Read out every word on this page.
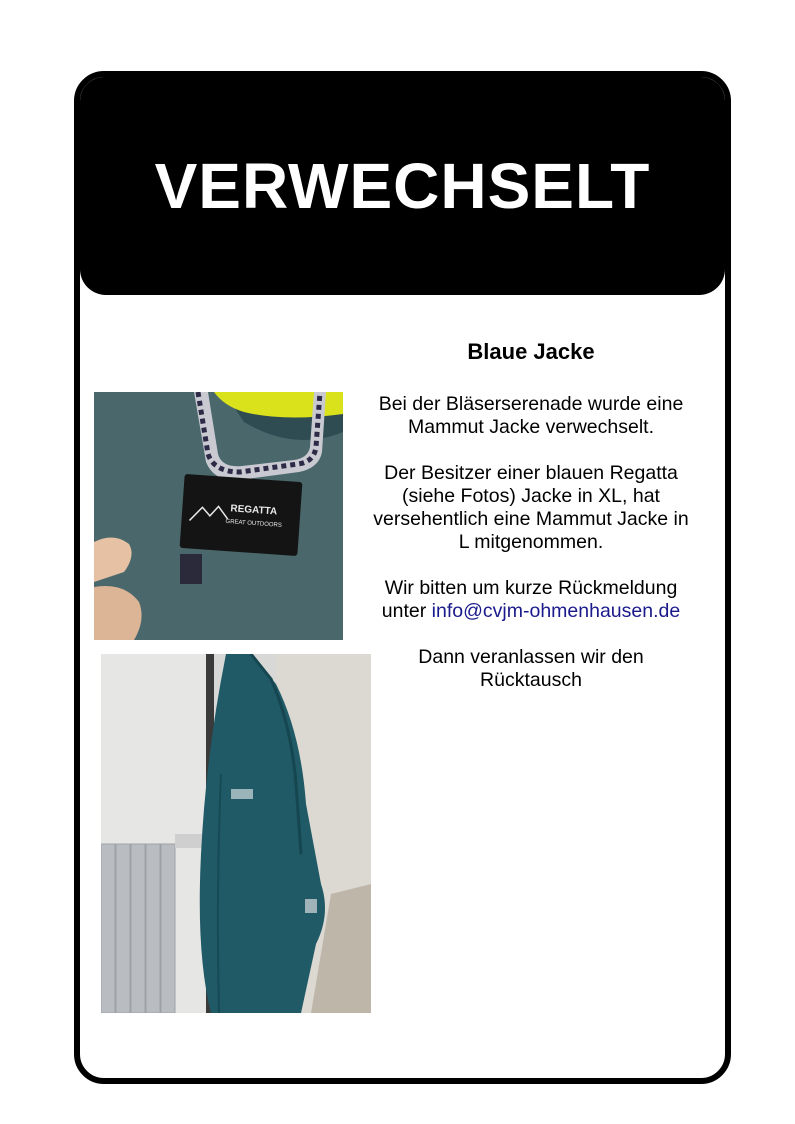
VERWECHSELT
REGATTA
GREAT OUTDOORS
Blaue Jacke

Bei der Bläserserenade wurde eine Mammut Jacke verwechselt.

Der Besitzer einer blauen Regatta (siehe Fotos) Jacke in XL, hat versehentlich eine Mammut Jacke in L mitgenommen.

Wir bitten um kurze Rückmeldung unter info@cvjm-ohmenhausen.de

Dann veranlassen wir den Rücktausch
